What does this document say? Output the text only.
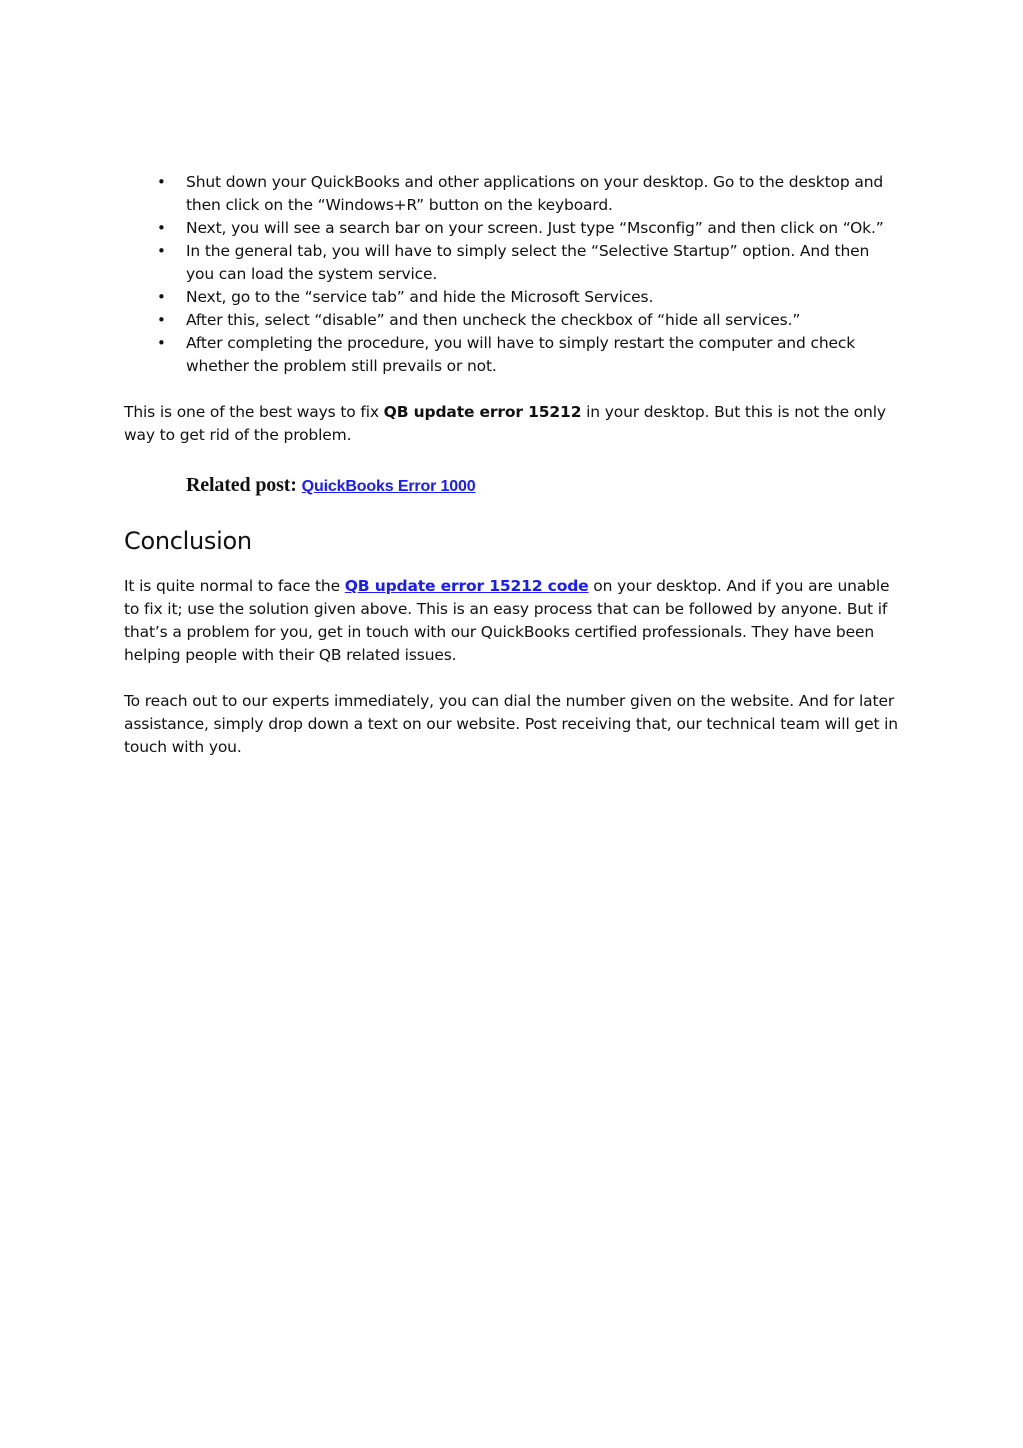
• Shut down your QuickBooks and other applications on your desktop. Go to the desktop and then click on the “Windows+R” button on the keyboard.
• Next, you will see a search bar on your screen. Just type “Msconfig” and then click on “Ok.”
• In the general tab, you will have to simply select the “Selective Startup” option. And then you can load the system service.
• Next, go to the “service tab” and hide the Microsoft Services.
• After this, select “disable” and then uncheck the checkbox of “hide all services.”
• After completing the procedure, you will have to simply restart the computer and check whether the problem still prevails or not.

This is one of the best ways to fix QB update error 15212 in your desktop. But this is not the only way to get rid of the problem.

Related post: QuickBooks Error 1000
Conclusion

It is quite normal to face the QB update error 15212 code on your desktop. And if you are unable to fix it; use the solution given above. This is an easy process that can be followed by anyone. But if that’s a problem for you, get in touch with our QuickBooks certified professionals. They have been helping people with their QB related issues.

To reach out to our experts immediately, you can dial the number given on the website. And for later assistance, simply drop down a text on our website. Post receiving that, our technical team will get in touch with you.
